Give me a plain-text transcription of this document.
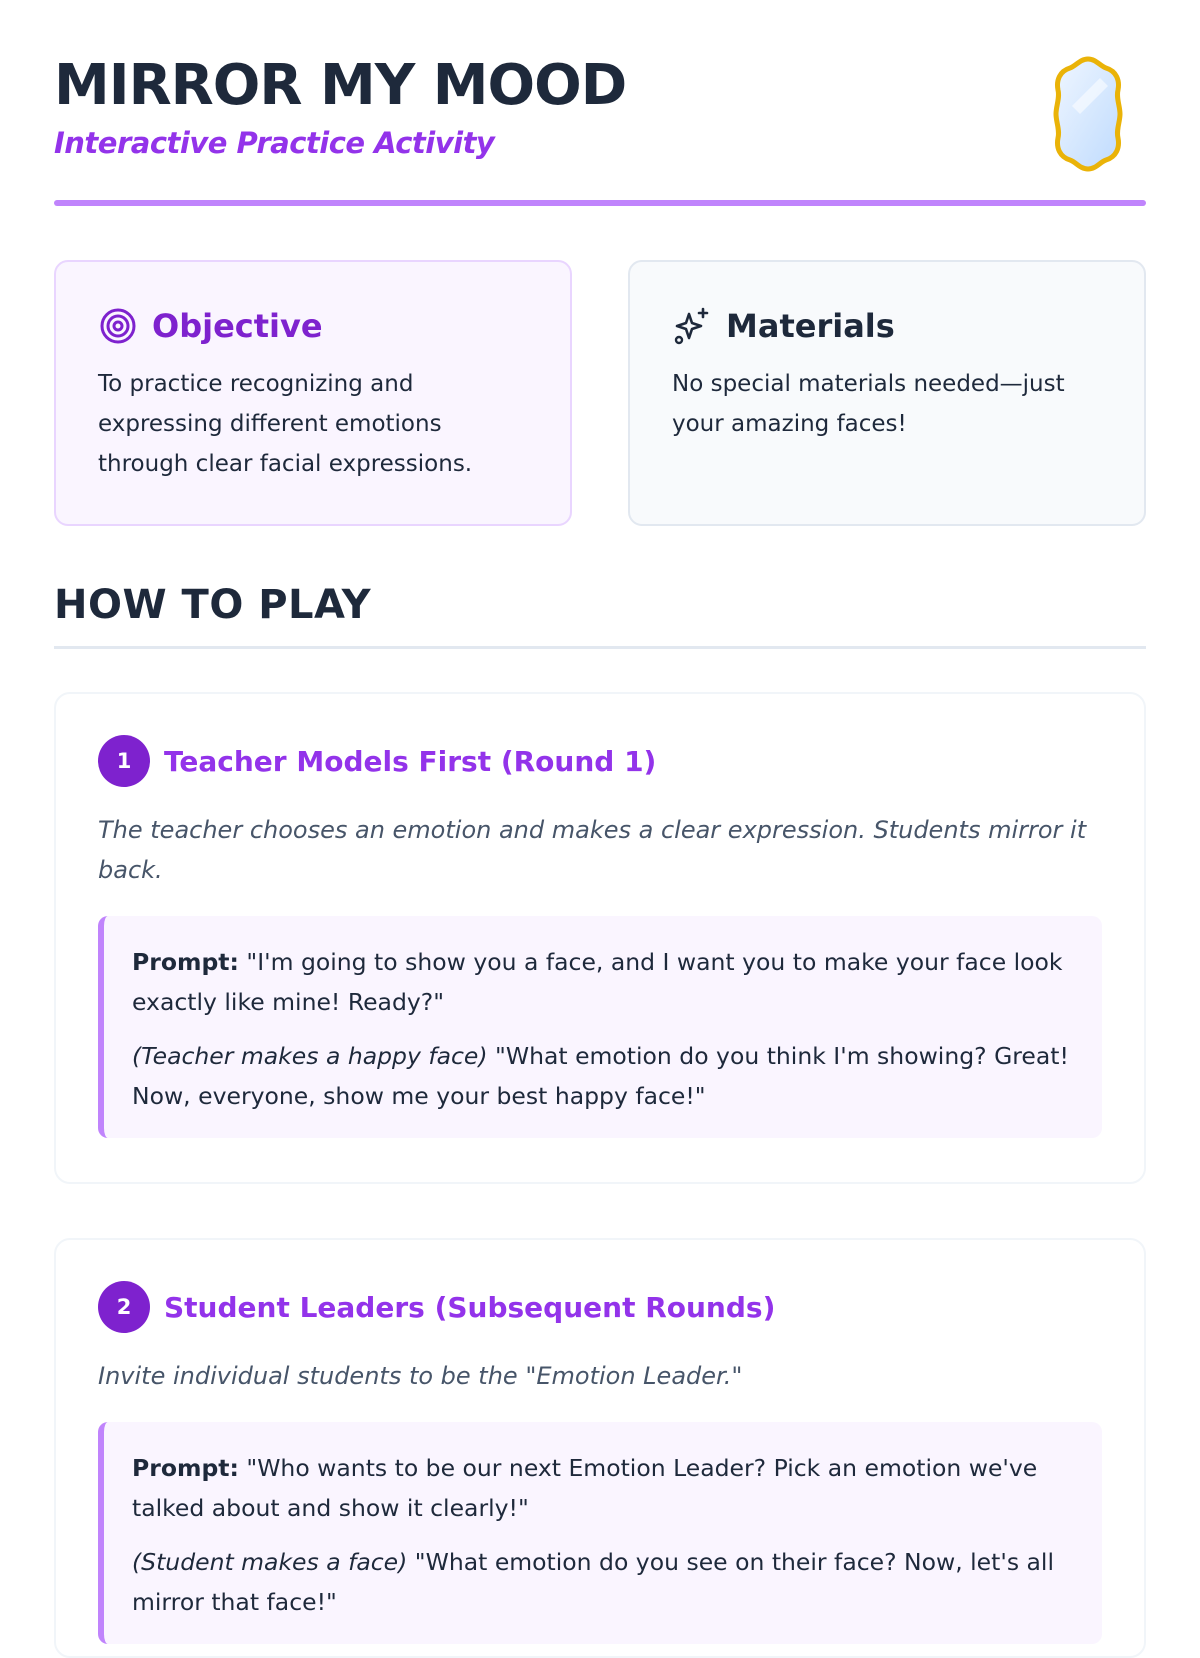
MIRROR MY MOOD
Interactive Practice Activity
Objective
To practice recognizing and expressing different emotions through clear facial expressions.
Materials
No special materials needed—just your amazing faces!
HOW TO PLAY
1	Teacher Models First (Round 1)
The teacher chooses an emotion and makes a clear expression. Students mirror it back.

Prompt: "I'm going to show you a face, and I want you to make your face look exactly like mine! Ready?"

(Teacher makes a happy face) "What emotion do you think I'm showing? Great! Now, everyone, show me your best happy face!"

2	Student Leaders (Subsequent Rounds)
Invite individual students to be the "Emotion Leader."

Prompt: "Who wants to be our next Emotion Leader? Pick an emotion we've talked about and show it clearly!"

(Student makes a face) "What emotion do you see on their face? Now, let's all mirror that face!"
